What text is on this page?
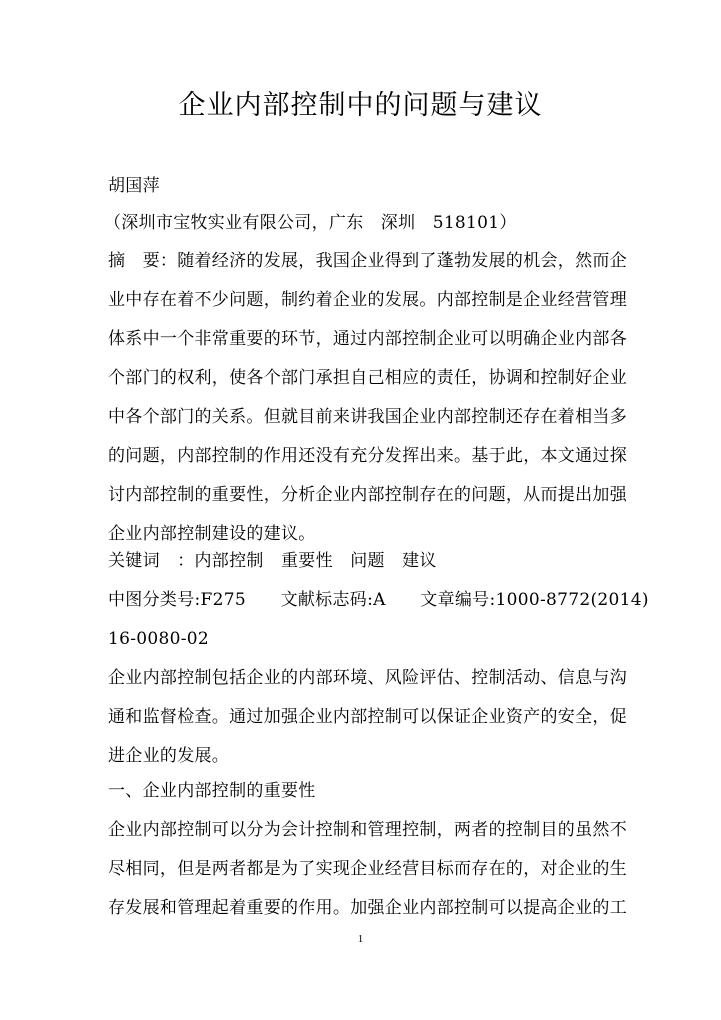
企业内部控制中的问题与建议
胡国萍
（深圳市宝牧实业有限公司，广东　深圳　518101）
摘　要：随着经济的发展，我国企业得到了蓬勃发展的机会，然而企
业中存在着不少问题，制约着企业的发展。内部控制是企业经营管理
体系中一个非常重要的环节，通过内部控制企业可以明确企业内部各
个部门的权利，使各个部门承担自己相应的责任，协调和控制好企业
中各个部门的关系。但就目前来讲我国企业内部控制还存在着相当多
的问题，内部控制的作用还没有充分发挥出来。基于此，本文通过探
讨内部控制的重要性，分析企业内部控制存在的问题，从而提出加强
企业内部控制建设的建议。
关键词　：内部控制　重要性　问题　建议
中图分类号:F275　　文献标志码:A　　文章编号:1000-8772(2014)
16-0080-02
企业内部控制包括企业的内部环境、风险评估、控制活动、信息与沟
通和监督检查。通过加强企业内部控制可以保证企业资产的安全，促
进企业的发展。
一、企业内部控制的重要性
企业内部控制可以分为会计控制和管理控制，两者的控制目的虽然不
尽相同，但是两者都是为了实现企业经营目标而存在的，对企业的生
存发展和管理起着重要的作用。加强企业内部控制可以提高企业的工
1
